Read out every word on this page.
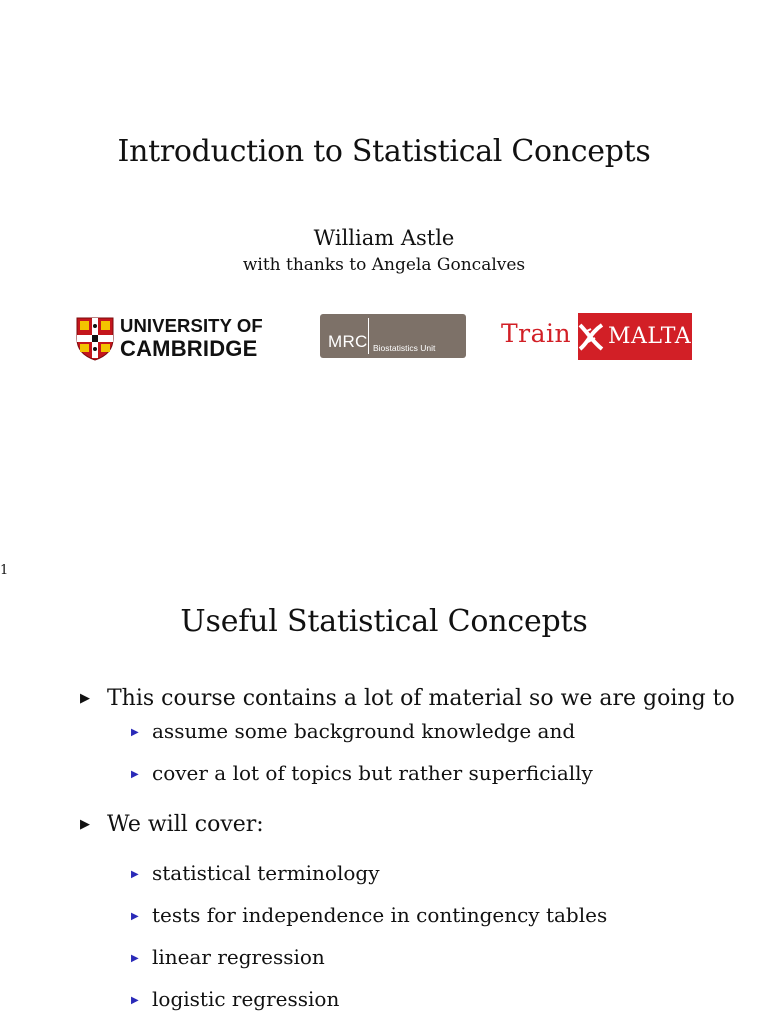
Introduction to Statistical Concepts
William Astle
with thanks to Angela Goncalves
UNIVERSITY OF
CAMBRIDGE	MRC Biostatistics Unit	Train MALTA
1
Useful Statistical Concepts
▶ This course contains a lot of material so we are going to
▶ assume some background knowledge and
▶ cover a lot of topics but rather superficially
▶ We will cover:
▶ statistical terminology
▶ tests for independence in contingency tables
▶ linear regression
▶ logistic regression
